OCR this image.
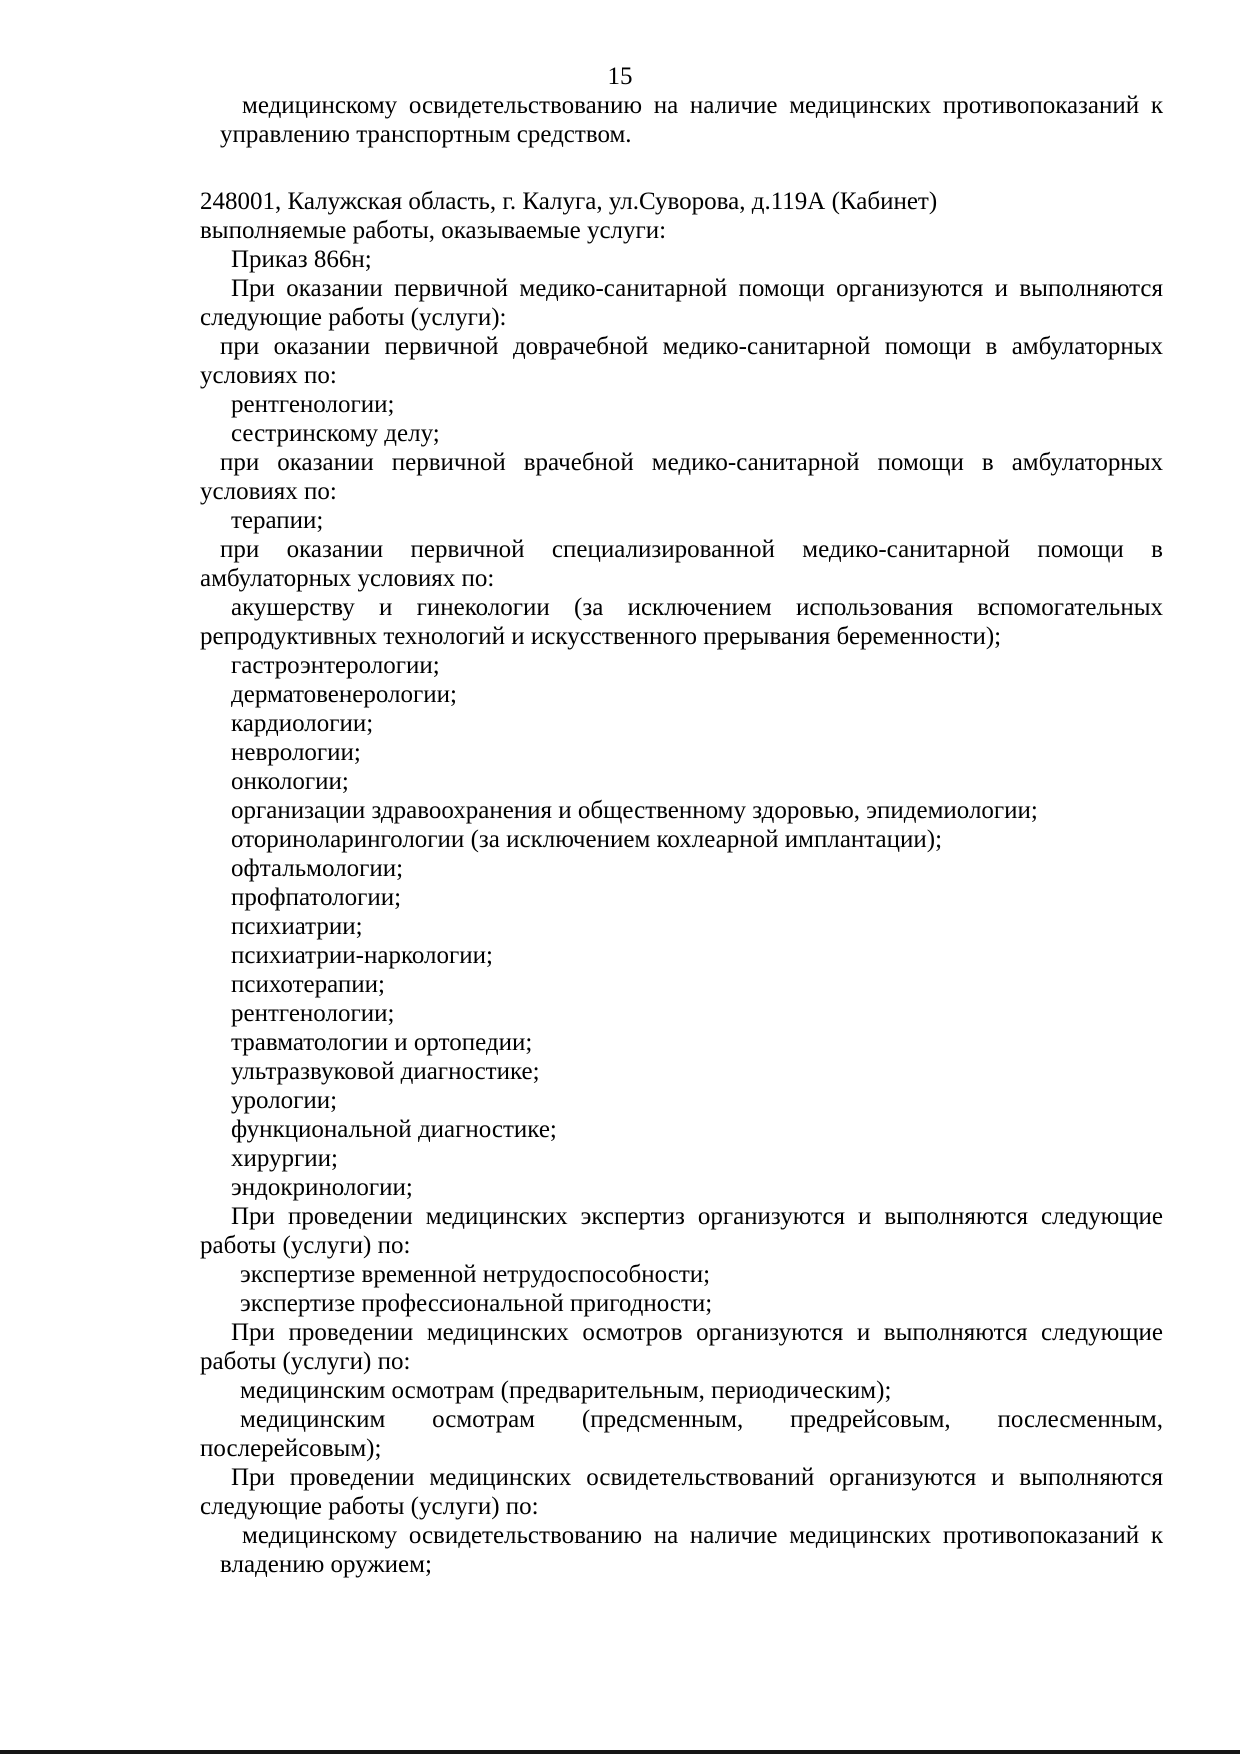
15

медицинскому освидетельствованию на наличие медицинских противопоказаний к
управлению транспортным средством.

248001, Калужская область, г. Калуга, ул.Суворова, д.119А (Кабинет)

выполняемые работы, оказываемые услуги:

Приказ 866н;

При оказании первичной медико-санитарной помощи организуются и выполняются
следующие работы (услуги):

при оказании первичной доврачебной медико-санитарной помощи в амбулаторных
условиях по:

рентгенологии;

сестринскому делу;

при оказании первичной врачебной медико-санитарной помощи в амбулаторных
условиях по:

терапии;

при оказании первичной специализированной медико-санитарной помощи в
амбулаторных условиях по:

акушерству и гинекологии (за исключением использования вспомогательных
репродуктивных технологий и искусственного прерывания беременности);

гастроэнтерологии;

дерматовенерологии;

кардиологии;

неврологии;

онкологии;

организации здравоохранения и общественному здоровью, эпидемиологии;

оториноларингологии (за исключением кохлеарной имплантации);

офтальмологии;

профпатологии;

психиатрии;

психиатрии-наркологии;

психотерапии;

рентгенологии;

травматологии и ортопедии;

ультразвуковой диагностике;

урологии;

функциональной диагностике;

хирургии;

эндокринологии;

При проведении медицинских экспертиз организуются и выполняются следующие
работы (услуги) по:

экспертизе временной нетрудоспособности;

экспертизе профессиональной пригодности;

При проведении медицинских осмотров организуются и выполняются следующие
работы (услуги) по:

медицинским осмотрам (предварительным, периодическим);

медицинским осмотрам (предсменным, предрейсовым, послесменным,
послерейсовым);

При проведении медицинских освидетельствований организуются и выполняются
следующие работы (услуги) по:

медицинскому освидетельствованию на наличие медицинских противопоказаний к
владению оружием;
